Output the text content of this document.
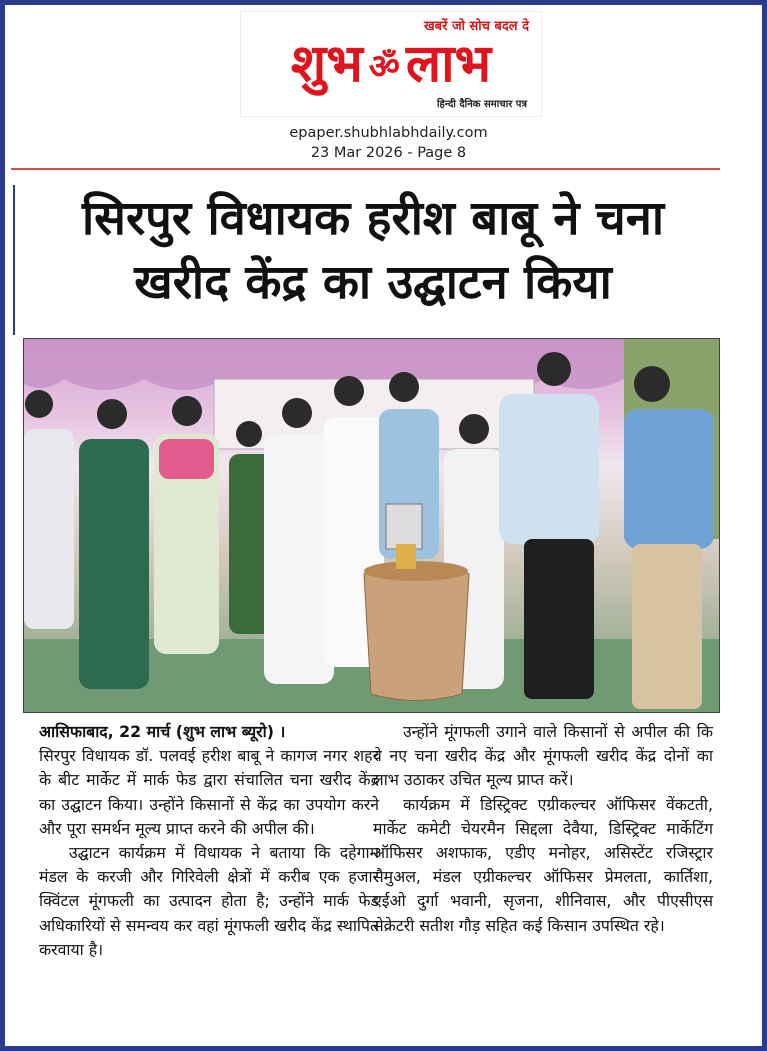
खबरें जो सोच बदल दे
शुभ ॐ लाभ
हिन्दी दैनिक समाचार पत्र
epaper.shubhlabhdaily.com
23 Mar 2026 - Page 8
सिरपुर विधायक हरीश बाबू ने चना
खरीद केंद्र का उद्घाटन किया

आसिफाबाद, 22 मार्च (शुभ लाभ ब्यूरो) ।

सिरपुर विधायक डॉ. पलवई हरीश बाबू ने कागज नगर शहर के बीट मार्केट में मार्क फेड द्वारा संचालित चना खरीद केंद्र का उद्घाटन किया। उन्होंने किसानों से केंद्र का उपयोग करने और पूरा समर्थन मूल्य प्राप्त करने की अपील की।

उद्घाटन कार्यक्रम में विधायक ने बताया कि दहेगाम मंडल के करजी और गिरिवेली क्षेत्रों में करीब एक हजार क्विंटल मूंगफली का उत्पादन होता है; उन्होंने मार्क फेड अधिकारियों से समन्वय कर वहां मूंगफली खरीद केंद्र स्थापित करवाया है।

उन्होंने मूंगफली उगाने वाले किसानों से अपील की कि वे नए चना खरीद केंद्र और मूंगफली खरीद केंद्र दोनों का लाभ उठाकर उचित मूल्य प्राप्त करें।

कार्यक्रम में डिस्ट्रिक्ट एग्रीकल्चर ऑफिसर वेंकटती, मार्केट कमेटी चेयरमैन सिद्दला देवैया, डिस्ट्रिक्ट मार्केटिंग ऑफिसर अशफाक, एडीए मनोहर, असिस्टेंट रजिस्ट्रार सैमुअल, मंडल एग्रीकल्चर ऑफिसर प्रेमलता, कार्तिशा, एईओ दुर्गा भवानी, सृजना, शीनिवास, और पीएसीएस सेक्रेटरी सतीश गौड़ सहित कई किसान उपस्थित रहे।
